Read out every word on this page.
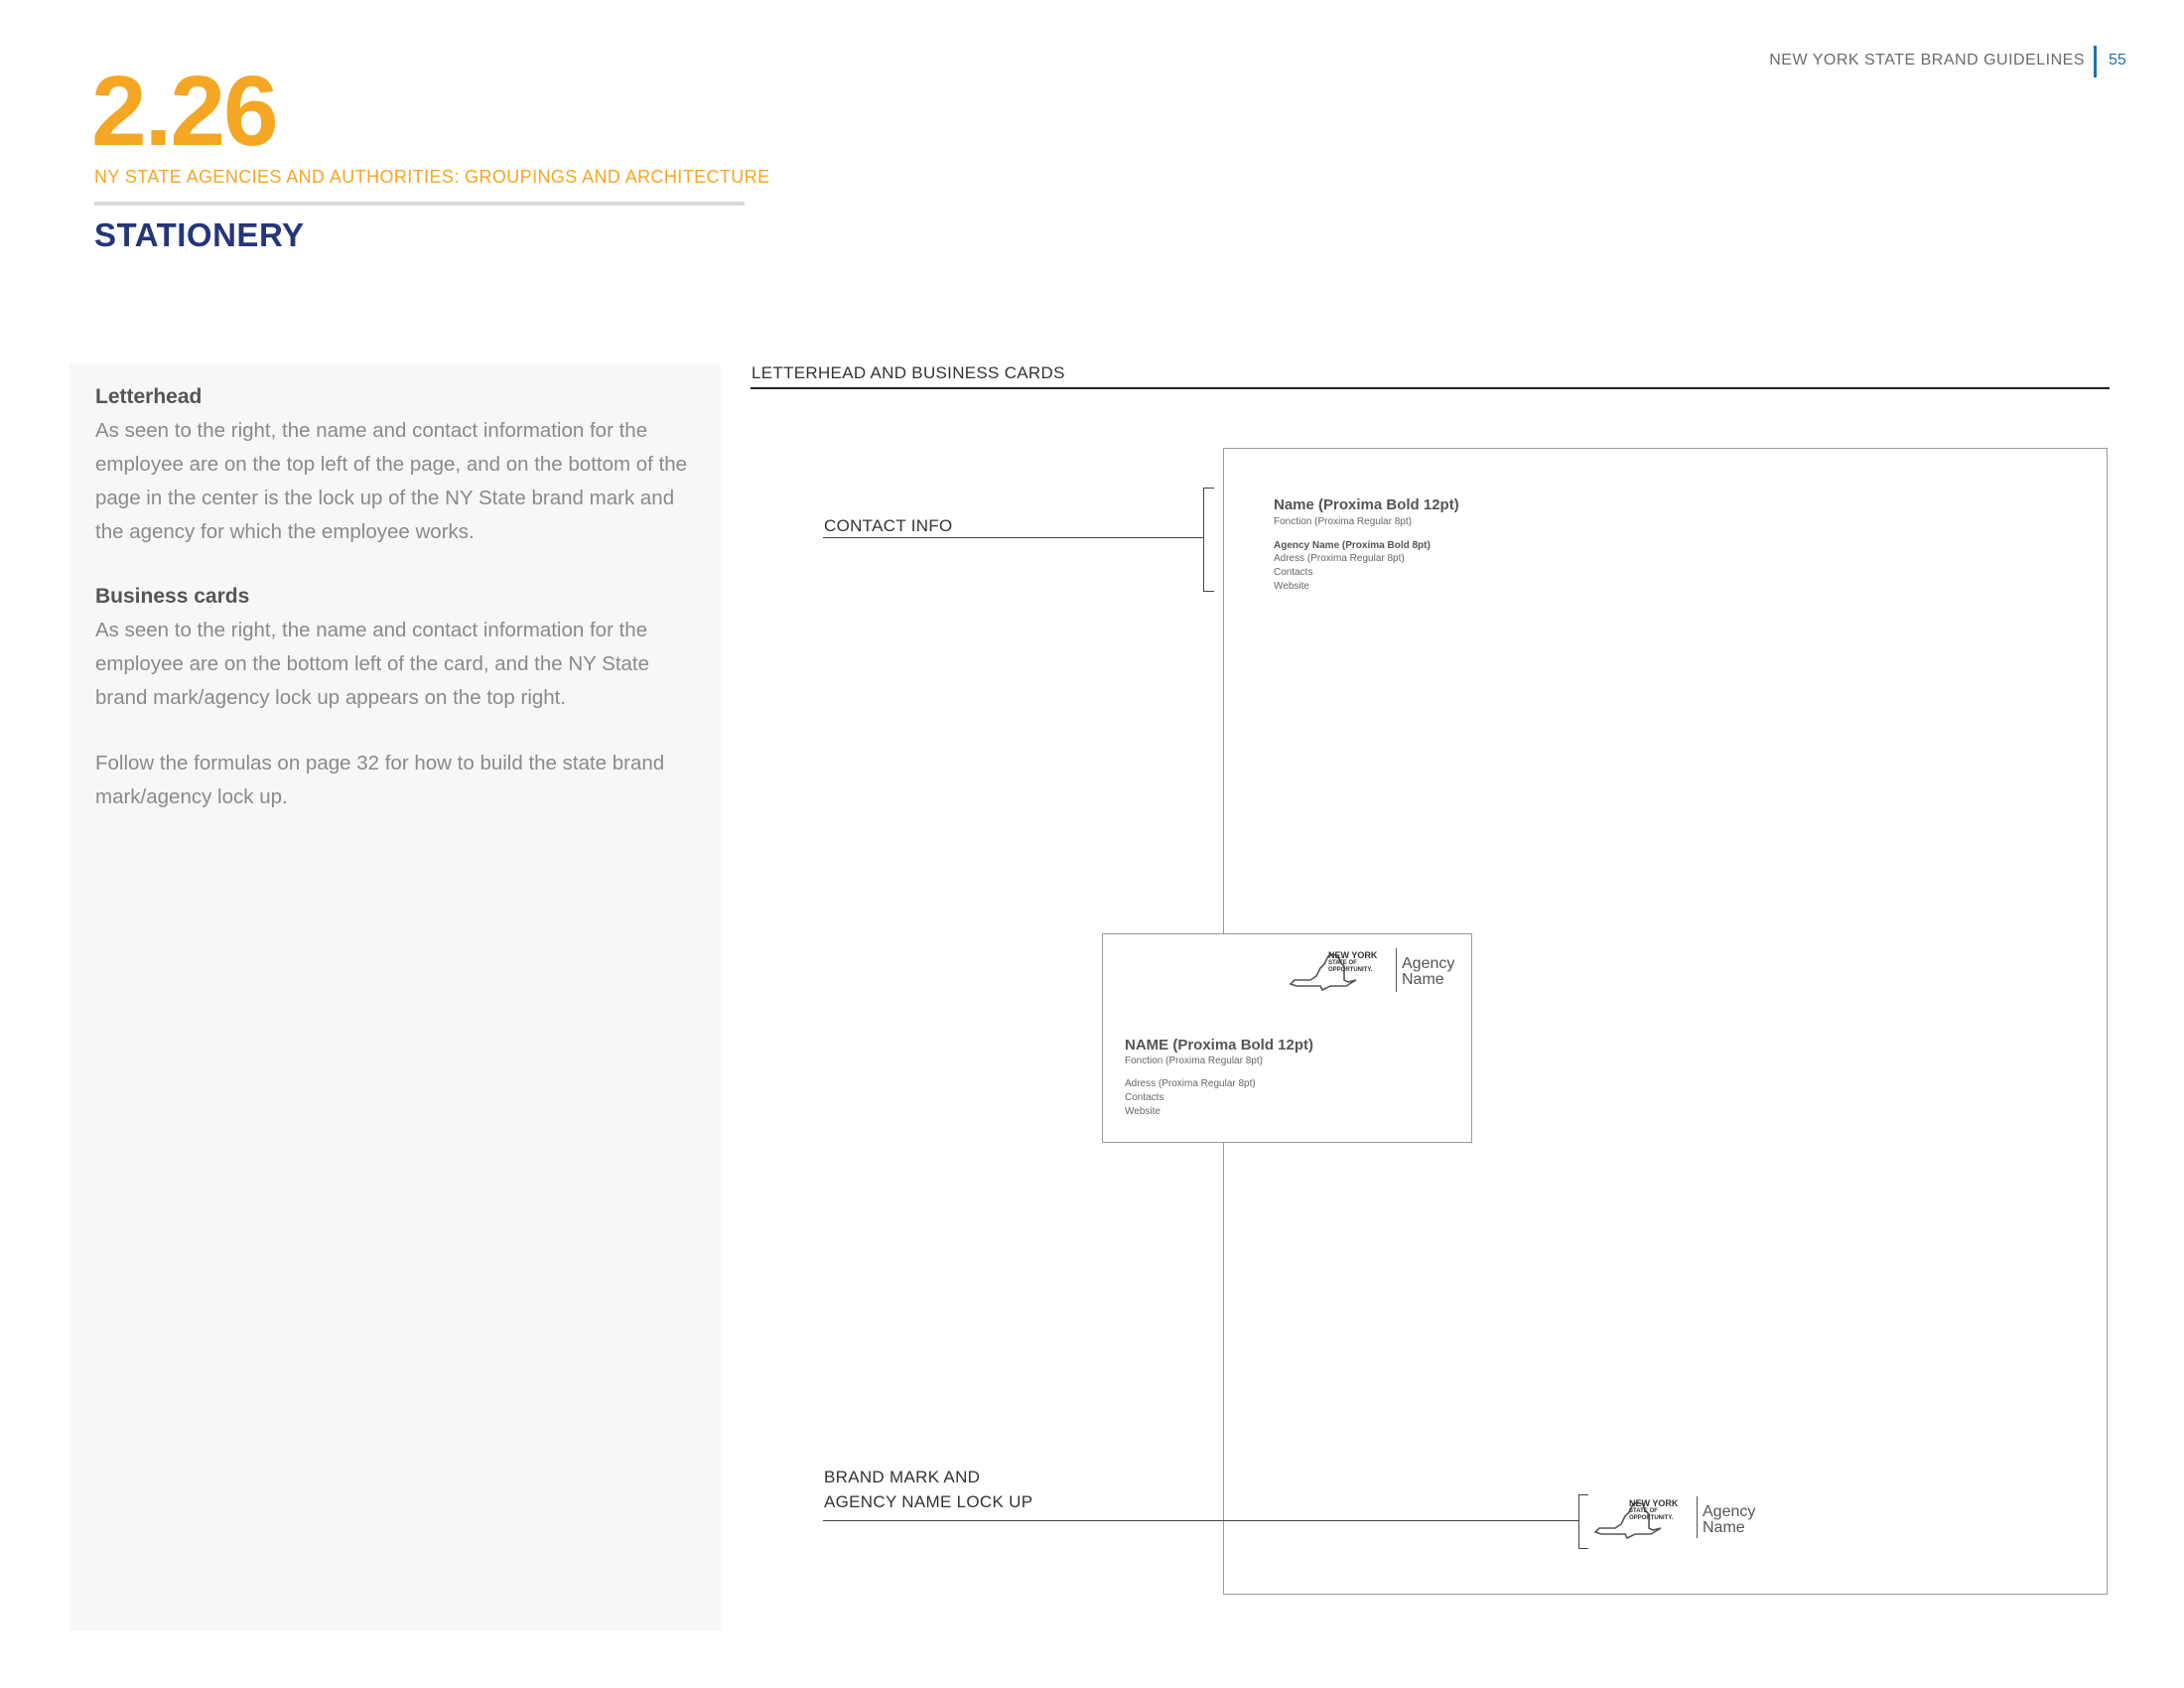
NEW YORK STATE BRAND GUIDELINES 55
2.26
NY STATE AGENCIES AND AUTHORITIES: GROUPINGS AND ARCHITECTURE
STATIONERY
Letterhead
As seen to the right, the name and contact information for the employee are on the top left of the page, and on the bottom of the page in the center is the lock up of the NY State brand mark and the agency for which the employee works.
Business cards
As seen to the right, the name and contact information for the employee are on the bottom left of the card, and the NY State brand mark/agency lock up appears on the top right.
Follow the formulas on page 32 for how to build the state brand mark/agency lock up.
LETTERHEAD AND BUSINESS CARDS
Name (Proxima Bold 12pt)
Fonction (Proxima Regular 8pt)
Agency Name (Proxima Bold 8pt)
Adress (Proxima Regular 8pt)
Contacts
Website
NEW YORK
STATE OF
OPPORTUNITY.	Agency
Name
NEW YORK
STATE OF
OPPORTUNITY.	Agency
Name
NAME (Proxima Bold 12pt)
Fonction (Proxima Regular 8pt)
Adress (Proxima Regular 8pt)
Contacts
Website
CONTACT INFO
BRAND MARK AND
AGENCY NAME LOCK UP
